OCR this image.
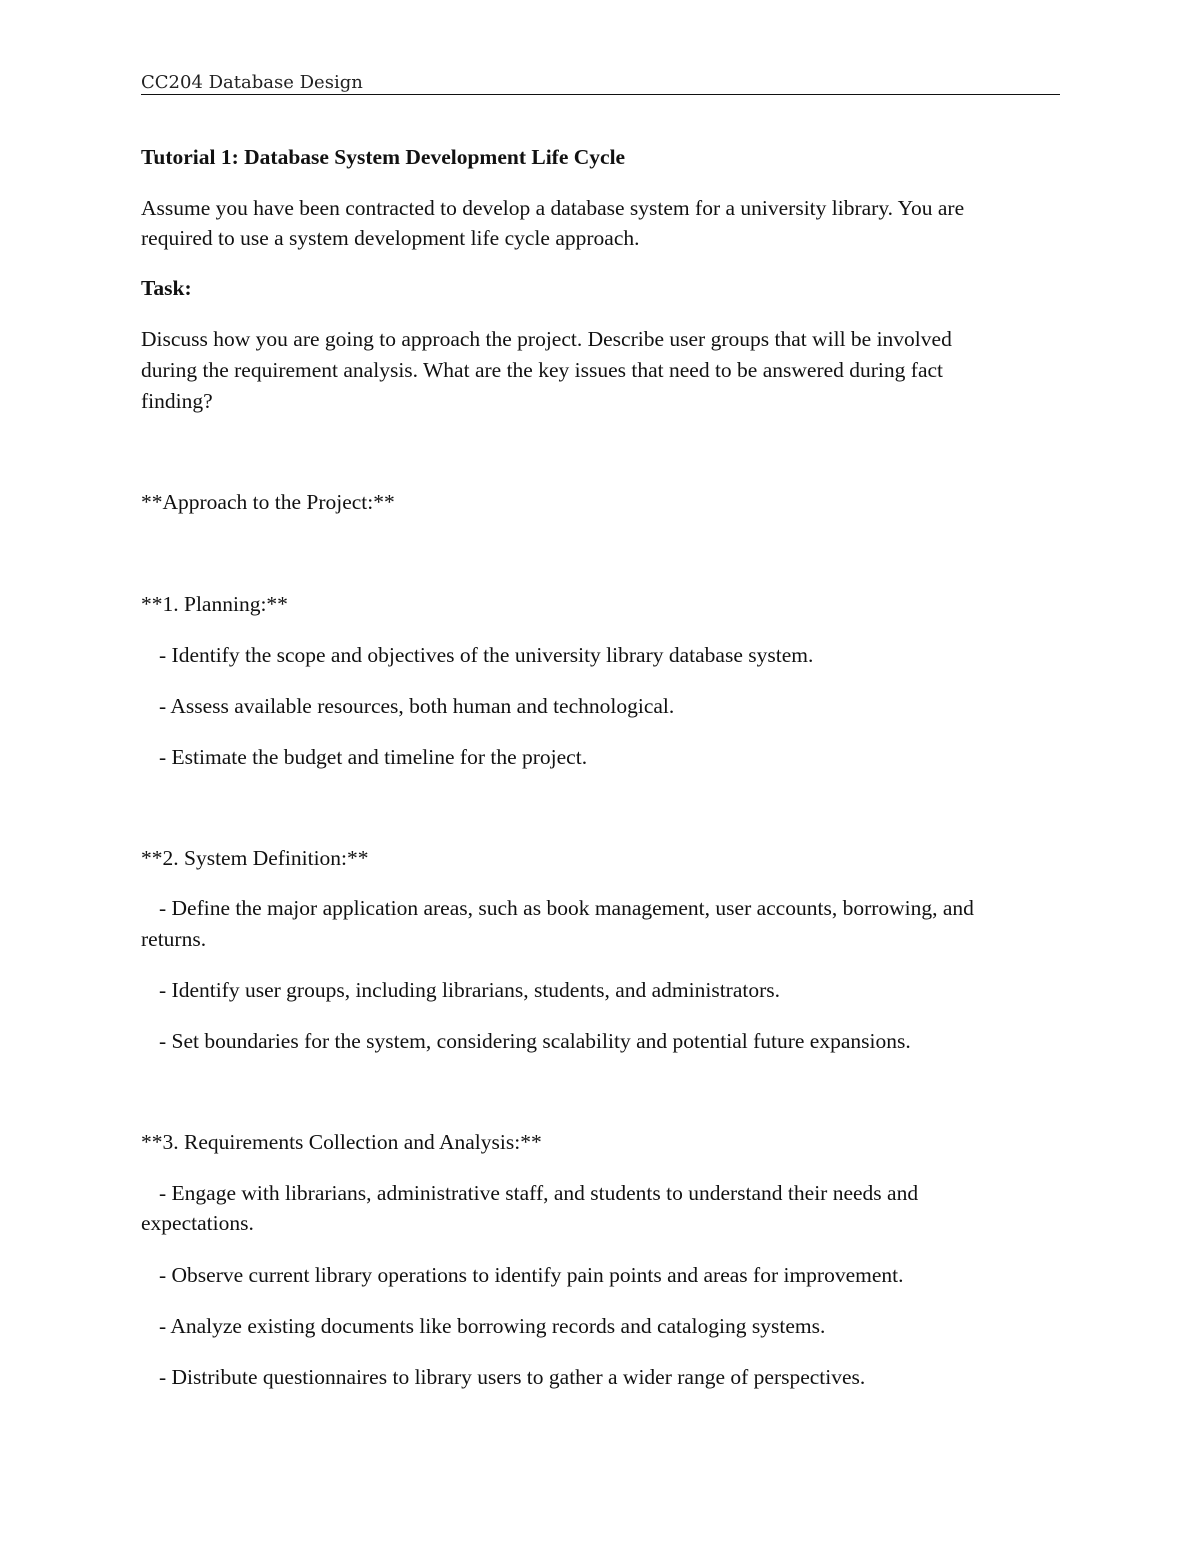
CC204 Database Design
Tutorial 1: Database System Development Life Cycle
Assume you have been contracted to develop a database system for a university library. You are
required to use a system development life cycle approach.
Task:
Discuss how you are going to approach the project. Describe user groups that will be involved
during the requirement analysis. What are the key issues that need to be answered during fact
finding?
**Approach to the Project:**
**1. Planning:**
- Identify the scope and objectives of the university library database system.
- Assess available resources, both human and technological.
- Estimate the budget and timeline for the project.
**2. System Definition:**
- Define the major application areas, such as book management, user accounts, borrowing, and
returns.
- Identify user groups, including librarians, students, and administrators.
- Set boundaries for the system, considering scalability and potential future expansions.
**3. Requirements Collection and Analysis:**
- Engage with librarians, administrative staff, and students to understand their needs and
expectations.
- Observe current library operations to identify pain points and areas for improvement.
- Analyze existing documents like borrowing records and cataloging systems.
- Distribute questionnaires to library users to gather a wider range of perspectives.
